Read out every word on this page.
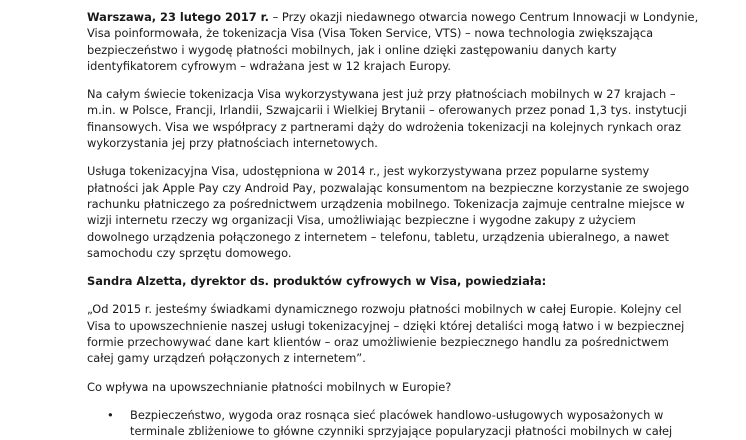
Warszawa, 23 lutego 2017 r. – Przy okazji niedawnego otwarcia nowego Centrum Innowacji w Londynie,
Visa poinformowała, że tokenizacja Visa (Visa Token Service, VTS) – nowa technologia zwiększająca
bezpieczeństwo i wygodę płatności mobilnych, jak i online dzięki zastępowaniu danych karty
identyfikatorem cyfrowym – wdrażana jest w 12 krajach Europy.

Na całym świecie tokenizacja Visa wykorzystywana jest już przy płatnościach mobilnych w 27 krajach –
m.in. w Polsce, Francji, Irlandii, Szwajcarii i Wielkiej Brytanii – oferowanych przez ponad 1,3 tys. instytucji
finansowych. Visa we współpracy z partnerami dąży do wdrożenia tokenizacji na kolejnych rynkach oraz
wykorzystania jej przy płatnościach internetowych.

Usługa tokenizacyjna Visa, udostępniona w 2014 r., jest wykorzystywana przez popularne systemy
płatności jak Apple Pay czy Android Pay, pozwalając konsumentom na bezpieczne korzystanie ze swojego
rachunku płatniczego za pośrednictwem urządzenia mobilnego. Tokenizacja zajmuje centralne miejsce w
wizji internetu rzeczy wg organizacji Visa, umożliwiając bezpieczne i wygodne zakupy z użyciem
dowolnego urządzenia połączonego z internetem – telefonu, tabletu, urządzenia ubieralnego, a nawet
samochodu czy sprzętu domowego.

Sandra Alzetta, dyrektor ds. produktów cyfrowych w Visa, powiedziała:

„Od 2015 r. jesteśmy świadkami dynamicznego rozwoju płatności mobilnych w całej Europie. Kolejny cel
Visa to upowszechnienie naszej usługi tokenizacyjnej – dzięki której detaliści mogą łatwo i w bezpiecznej
formie przechowywać dane kart klientów – oraz umożliwienie bezpiecznego handlu za pośrednictwem
całej gamy urządzeń połączonych z internetem”.

Co wpływa na upowszechnianie płatności mobilnych w Europie?

• Bezpieczeństwo, wygoda oraz rosnąca sieć placówek handlowo-usługowych wyposażonych w terminale zbliżeniowe to główne czynniki sprzyjające popularyzacji płatności mobilnych w całej
